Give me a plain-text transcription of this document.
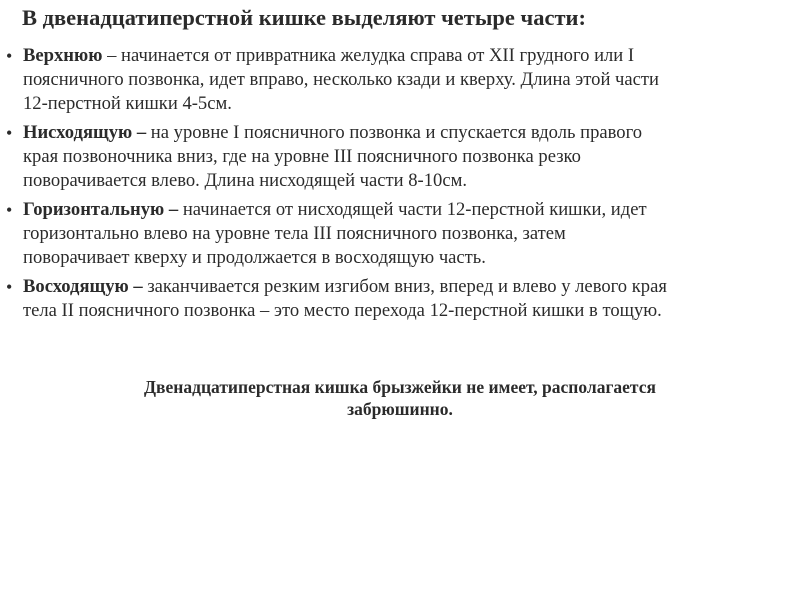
В двенадцатиперстной кишке выделяют четыре части:
• Верхнюю – начинается от привратника желудка справа от XII грудного или I
поясничного позвонка, идет вправо, несколько кзади и кверху. Длина этой части
12-перстной кишки 4-5см.
• Нисходящую – на уровне I поясничного позвонка и спускается вдоль правого
края позвоночника вниз, где на уровне III поясничного позвонка резко
поворачивается влево. Длина нисходящей части 8-10см.
• Горизонтальную – начинается от нисходящей части 12-перстной кишки, идет
горизонтально влево на уровне тела III поясничного позвонка, затем
поворачивает кверху и продолжается в восходящую часть.
• Восходящую – заканчивается резким изгибом вниз, вперед и влево у левого края
тела II поясничного позвонка – это место перехода 12-перстной кишки в тощую.

Двенадцатиперстная кишка брызжейки не имеет, располагается
забрюшинно.
